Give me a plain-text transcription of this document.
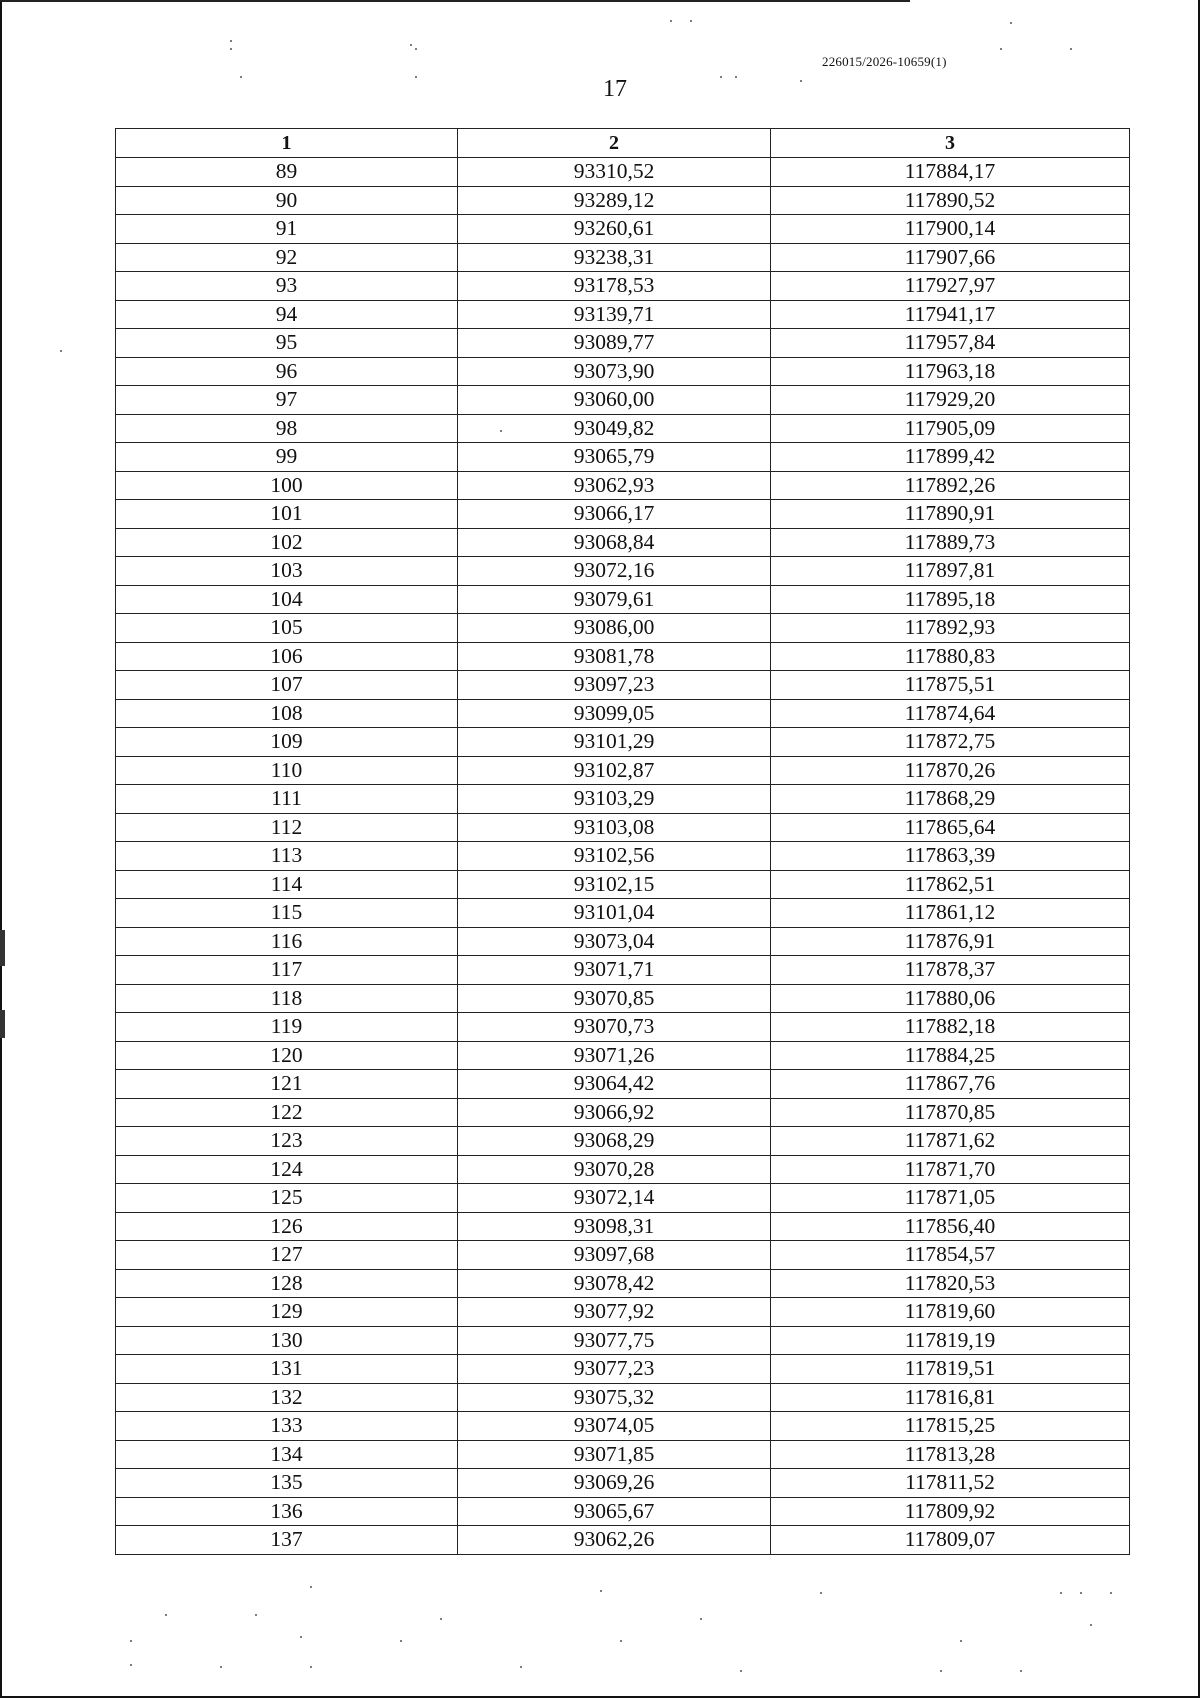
226015/2026-10659(1)
17
1	2	3
89	93310,52	117884,17
90	93289,12	117890,52
91	93260,61	117900,14
92	93238,31	117907,66
93	93178,53	117927,97
94	93139,71	117941,17
95	93089,77	117957,84
96	93073,90	117963,18
97	93060,00	117929,20
98	93049,82	117905,09
99	93065,79	117899,42
100	93062,93	117892,26
101	93066,17	117890,91
102	93068,84	117889,73
103	93072,16	117897,81
104	93079,61	117895,18
105	93086,00	117892,93
106	93081,78	117880,83
107	93097,23	117875,51
108	93099,05	117874,64
109	93101,29	117872,75
110	93102,87	117870,26
111	93103,29	117868,29
112	93103,08	117865,64
113	93102,56	117863,39
114	93102,15	117862,51
115	93101,04	117861,12
116	93073,04	117876,91
117	93071,71	117878,37
118	93070,85	117880,06
119	93070,73	117882,18
120	93071,26	117884,25
121	93064,42	117867,76
122	93066,92	117870,85
123	93068,29	117871,62
124	93070,28	117871,70
125	93072,14	117871,05
126	93098,31	117856,40
127	93097,68	117854,57
128	93078,42	117820,53
129	93077,92	117819,60
130	93077,75	117819,19
131	93077,23	117819,51
132	93075,32	117816,81
133	93074,05	117815,25
134	93071,85	117813,28
135	93069,26	117811,52
136	93065,67	117809,92
137	93062,26	117809,07
